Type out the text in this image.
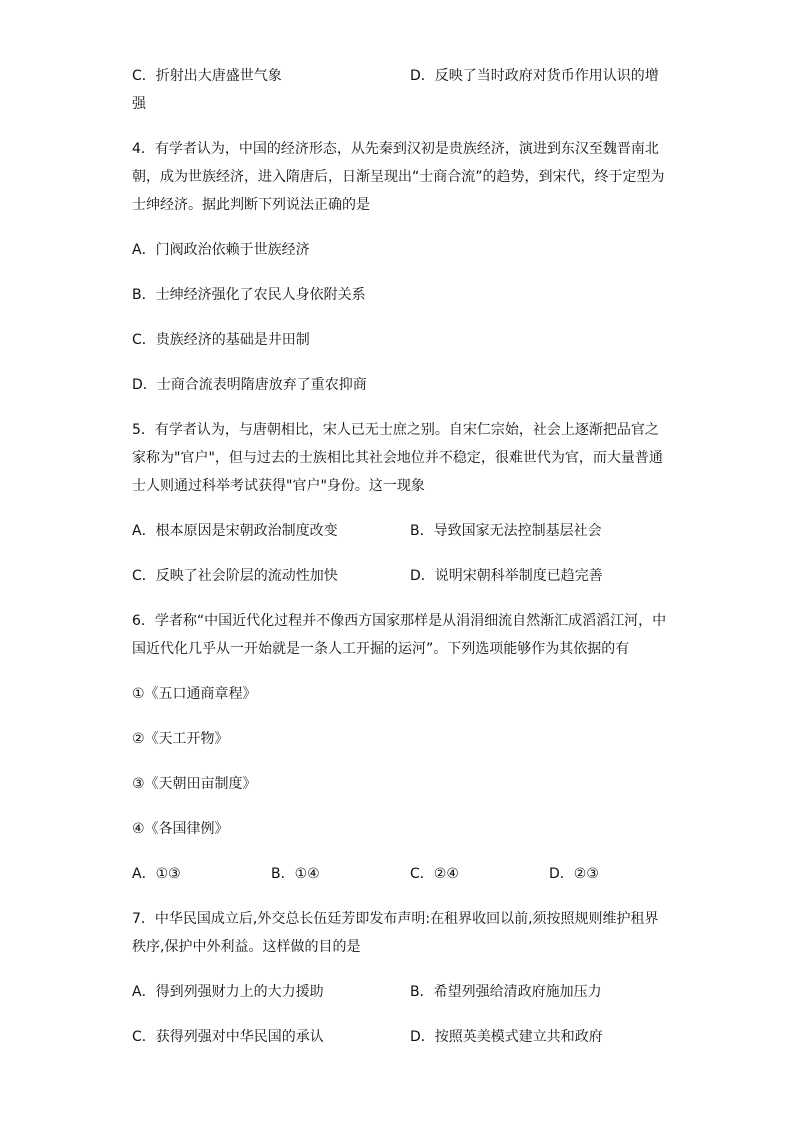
C．折射出大唐盛世气象	D．反映了当时政府对货币作用认识的增
强
4．有学者认为，中国的经济形态，从先秦到汉初是贵族经济，演进到东汉至魏晋南北
朝，成为世族经济，进入隋唐后，日渐呈现出“士商合流”的趋势，到宋代，终于定型为
士绅经济。据此判断下列说法正确的是
A．门阀政治依赖于世族经济
B．士绅经济强化了农民人身依附关系
C．贵族经济的基础是井田制
D．士商合流表明隋唐放弃了重农抑商
5．有学者认为，与唐朝相比，宋人已无士庶之别。自宋仁宗始，社会上逐渐把品官之
家称为"官户"，但与过去的士族相比其社会地位并不稳定，很难世代为官，而大量普通
士人则通过科举考试获得"官户"身份。这一现象
A．根本原因是宋朝政治制度改变	B．导致国家无法控制基层社会
C．反映了社会阶层的流动性加快	D．说明宋朝科举制度已趋完善
6．学者称“中国近代化过程并不像西方国家那样是从涓涓细流自然渐汇成滔滔江河，中
国近代化几乎从一开始就是一条人工开掘的运河”。下列选项能够作为其依据的有
①《五口通商章程》
②《天工开物》
③《天朝田亩制度》
④《各国律例》
A．①③	B．①④	C．②④	D．②③
7．中华民国成立后,外交总长伍廷芳即发布声明:在租界收回以前,须按照规则维护租界
秩序,保护中外利益。这样做的目的是
A．得到列强财力上的大力援助	B．希望列强给清政府施加压力
C．获得列强对中华民国的承认	D．按照英美模式建立共和政府
